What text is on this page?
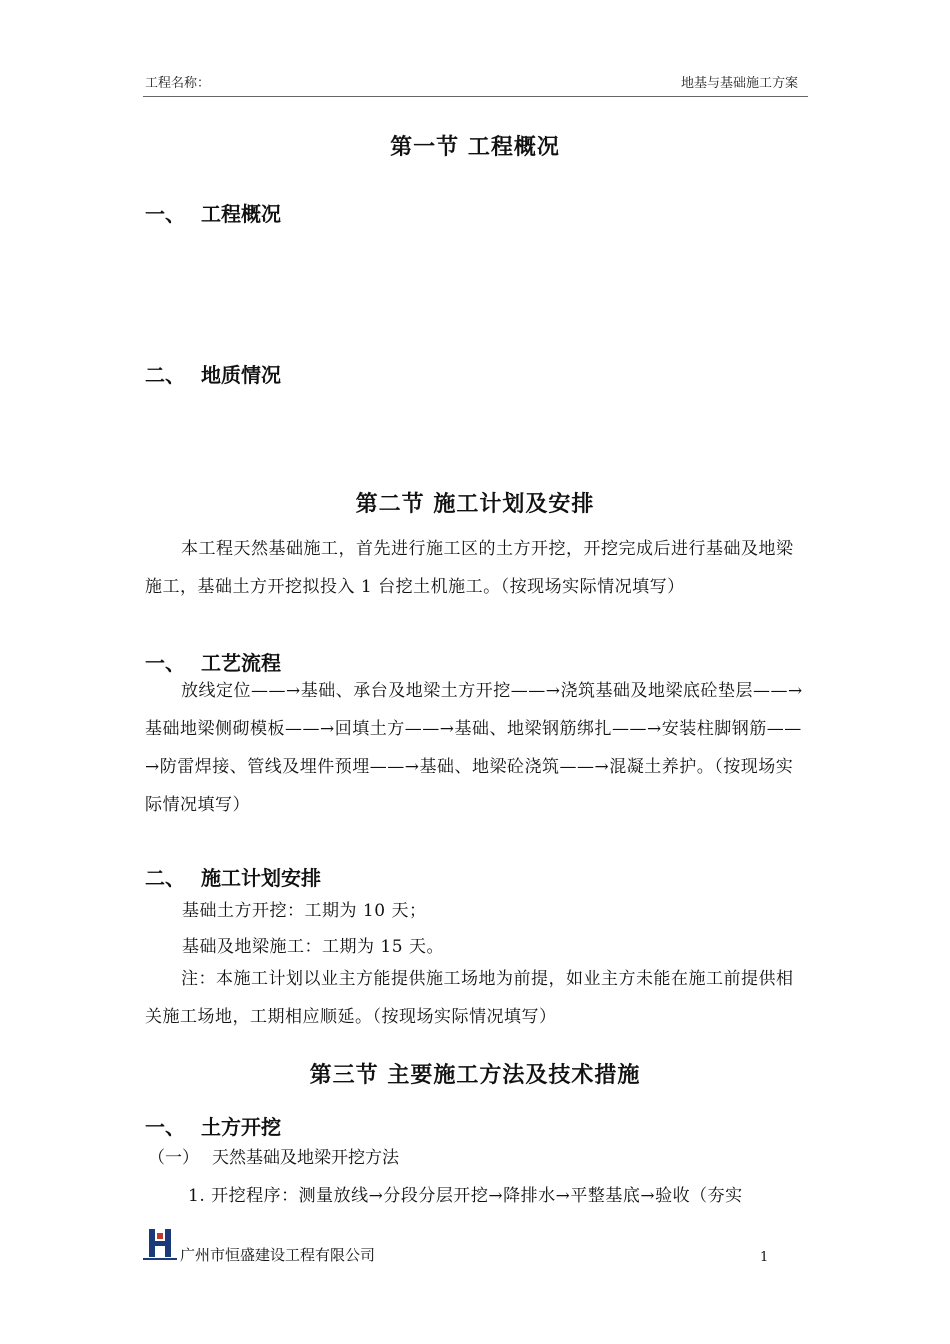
工程名称：	地基与基础施工方案
第一节 工程概况
一、 工程概况
二、 地质情况
第二节 施工计划及安排
本工程天然基础施工，首先进行施工区的土方开挖，开挖完成后进行基础及地梁施工，基础土方开挖拟投入 1 台挖土机施工。（按现场实际情况填写）
一、 工艺流程
放线定位——→基础、承台及地梁土方开挖——→浇筑基础及地梁底砼垫层——→基础地梁侧砌模板——→回填土方——→基础、地梁钢筋绑扎——→安装柱脚钢筋——→防雷焊接、管线及埋件预埋——→基础、地梁砼浇筑——→混凝土养护。（按现场实际情况填写）
二、 施工计划安排
基础土方开挖：工期为 10 天；
基础及地梁施工：工期为 15 天。
注：本施工计划以业主方能提供施工场地为前提，如业主方未能在施工前提供相关施工场地，工期相应顺延。（按现场实际情况填写）
第三节 主要施工方法及技术措施
一、 土方开挖
（一） 天然基础及地梁开挖方法
1. 开挖程序：测量放线→分段分层开挖→降排水→平整基底→验收（夯实
广州市恒盛建设工程有限公司	1
